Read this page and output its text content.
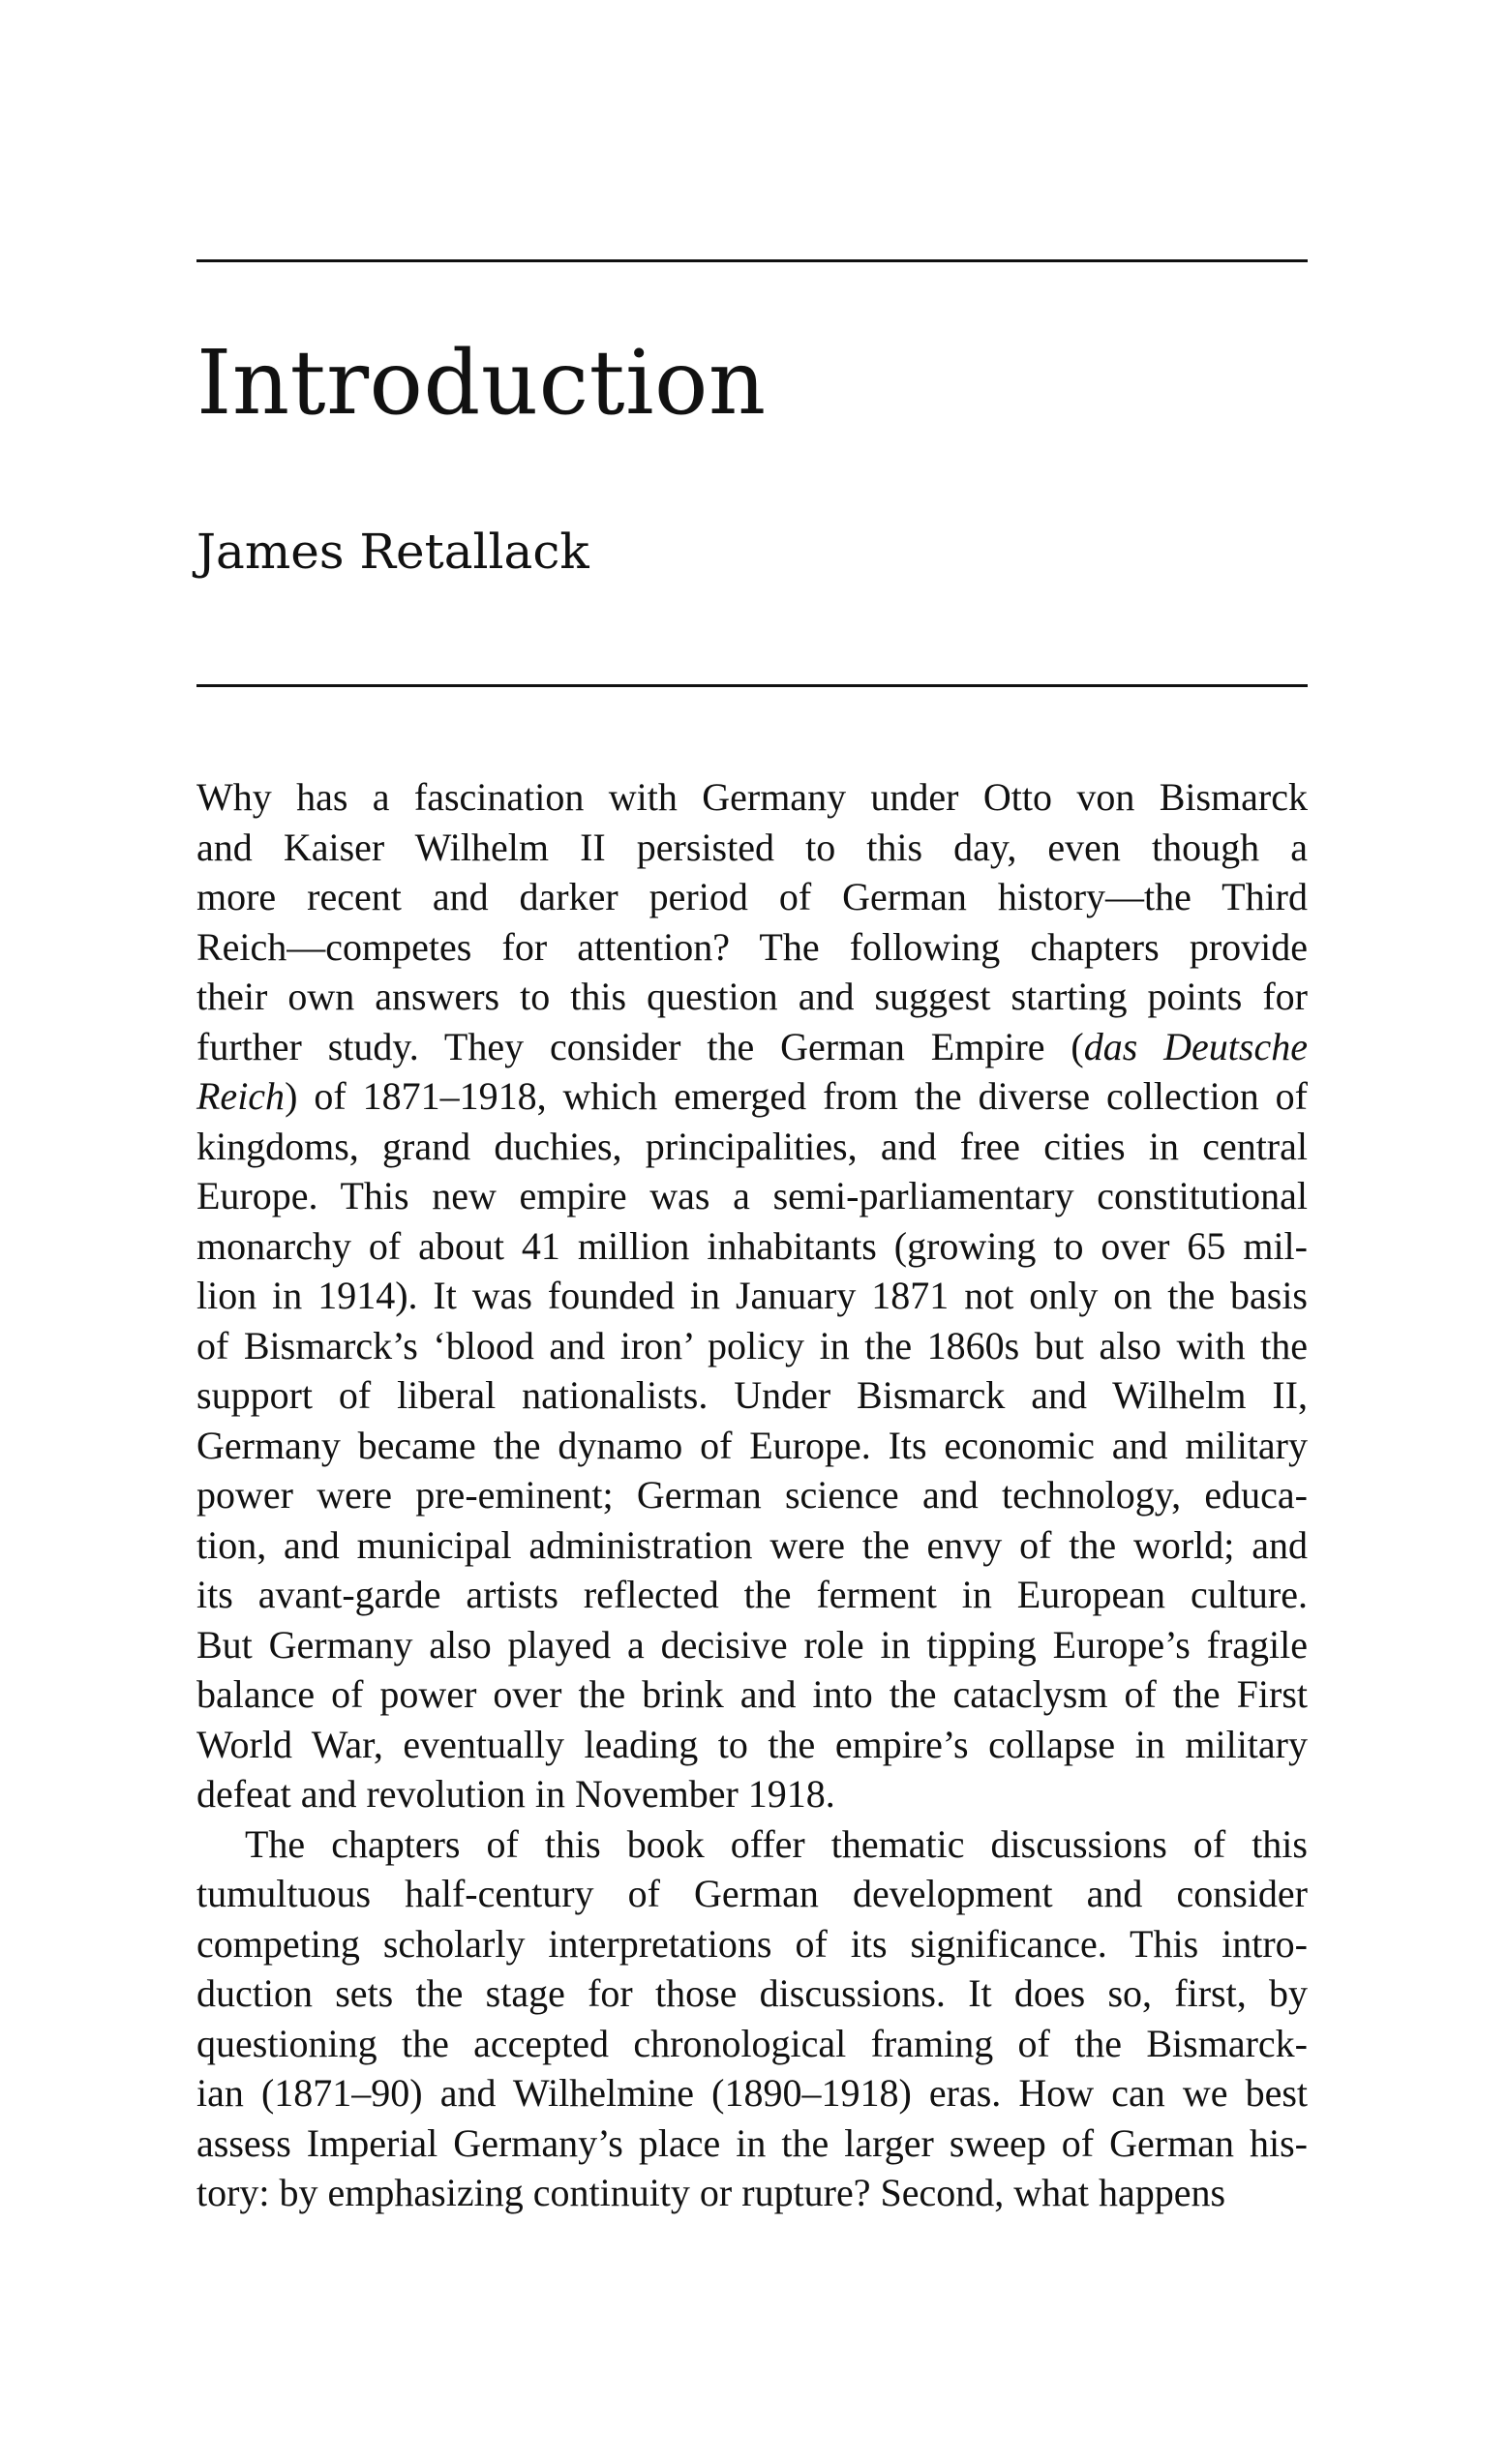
Introduction
James Retallack
Why has a fascination with Germany under Otto von Bismarck
and Kaiser Wilhelm II persisted to this day, even though a
more recent and darker period of German history—the Third
Reich—competes for attention? The following chapters provide
their own answers to this question and suggest starting points for
further study. They consider the German Empire (das Deutsche
Reich) of 1871–1918, which emerged from the diverse collection of
kingdoms, grand duchies, principalities, and free cities in central
Europe. This new empire was a semi-parliamentary constitutional
monarchy of about 41 million inhabitants (growing to over 65 mil-
lion in 1914). It was founded in January 1871 not only on the basis
of Bismarck’s ‘blood and iron’ policy in the 1860s but also with the
support of liberal nationalists. Under Bismarck and Wilhelm II,
Germany became the dynamo of Europe. Its economic and military
power were pre-eminent; German science and technology, educa-
tion, and municipal administration were the envy of the world; and
its avant-garde artists reflected the ferment in European culture.
But Germany also played a decisive role in tipping Europe’s fragile
balance of power over the brink and into the cataclysm of the First
World War, eventually leading to the empire’s collapse in military
defeat and revolution in November 1918.
The chapters of this book offer thematic discussions of this
tumultuous half-century of German development and consider
competing scholarly interpretations of its significance. This intro-
duction sets the stage for those discussions. It does so, first, by
questioning the accepted chronological framing of the Bismarck-
ian (1871–90) and Wilhelmine (1890–1918) eras. How can we best
assess Imperial Germany’s place in the larger sweep of German his-
tory: by emphasizing continuity or rupture? Second, what happens
